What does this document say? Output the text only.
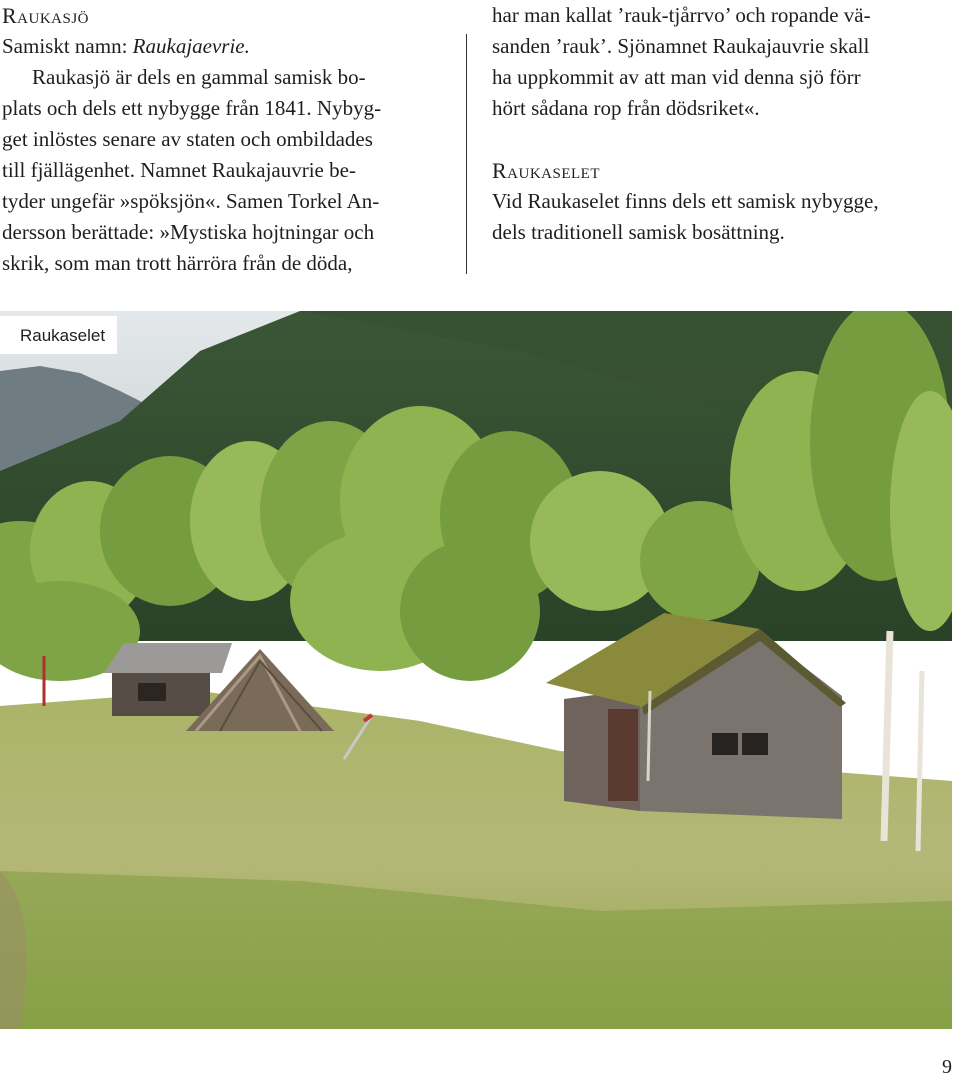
Raukasjö

Samiskt namn: Raukajaevrie.

Raukasjö är dels en gammal samisk bo-

plats och dels ett nybygge från 1841. Nybyg-

get inlöstes senare av staten och ombildades

till fjällägenhet. Namnet Raukajauvrie be-

tyder ungefär »spöksjön«. Samen Torkel An-

dersson berättade: »Mystiska hojtningar och

skrik, som man trott härröra från de döda,

har man kallat ’rauk-tjårrvo’ och ropande vä-

sanden ’rauk’. Sjönamnet Raukajauvrie skall

ha uppkommit av att man vid denna sjö förr

hört sådana rop från dödsriket«.

Raukaselet

Vid Raukaselet finns dels ett samisk nybygge,

dels traditionell samisk bosättning.

Raukaselet
9
